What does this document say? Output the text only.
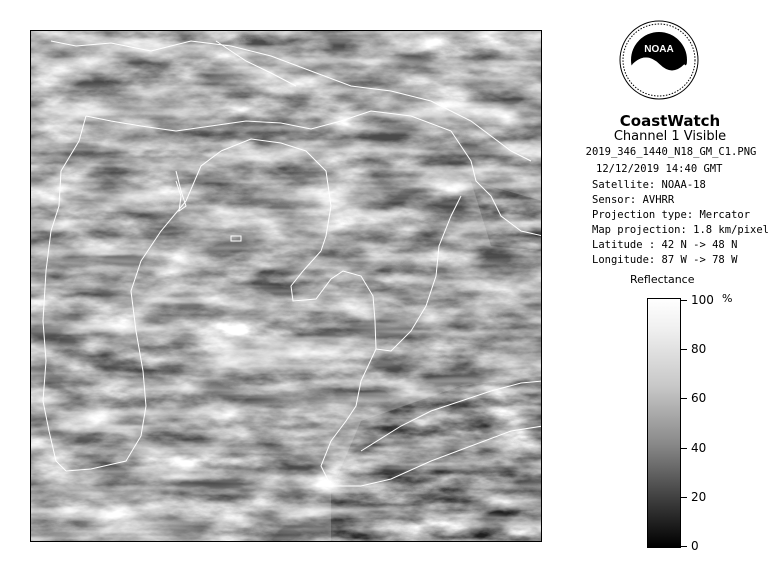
NOAA
CoastWatch
Channel 1 Visible
2019_346_1440_N18_GM_C1.PNG
12/12/2019 14:40 GMT
Satellite: NOAA-18
Sensor: AVHRR
Projection type: Mercator
Map projection: 1.8 km/pixel
Latitude : 42 N -> 48 N
Longitude: 87 W -> 78 W
Reflectance
%
100
80
60
40
20
0
